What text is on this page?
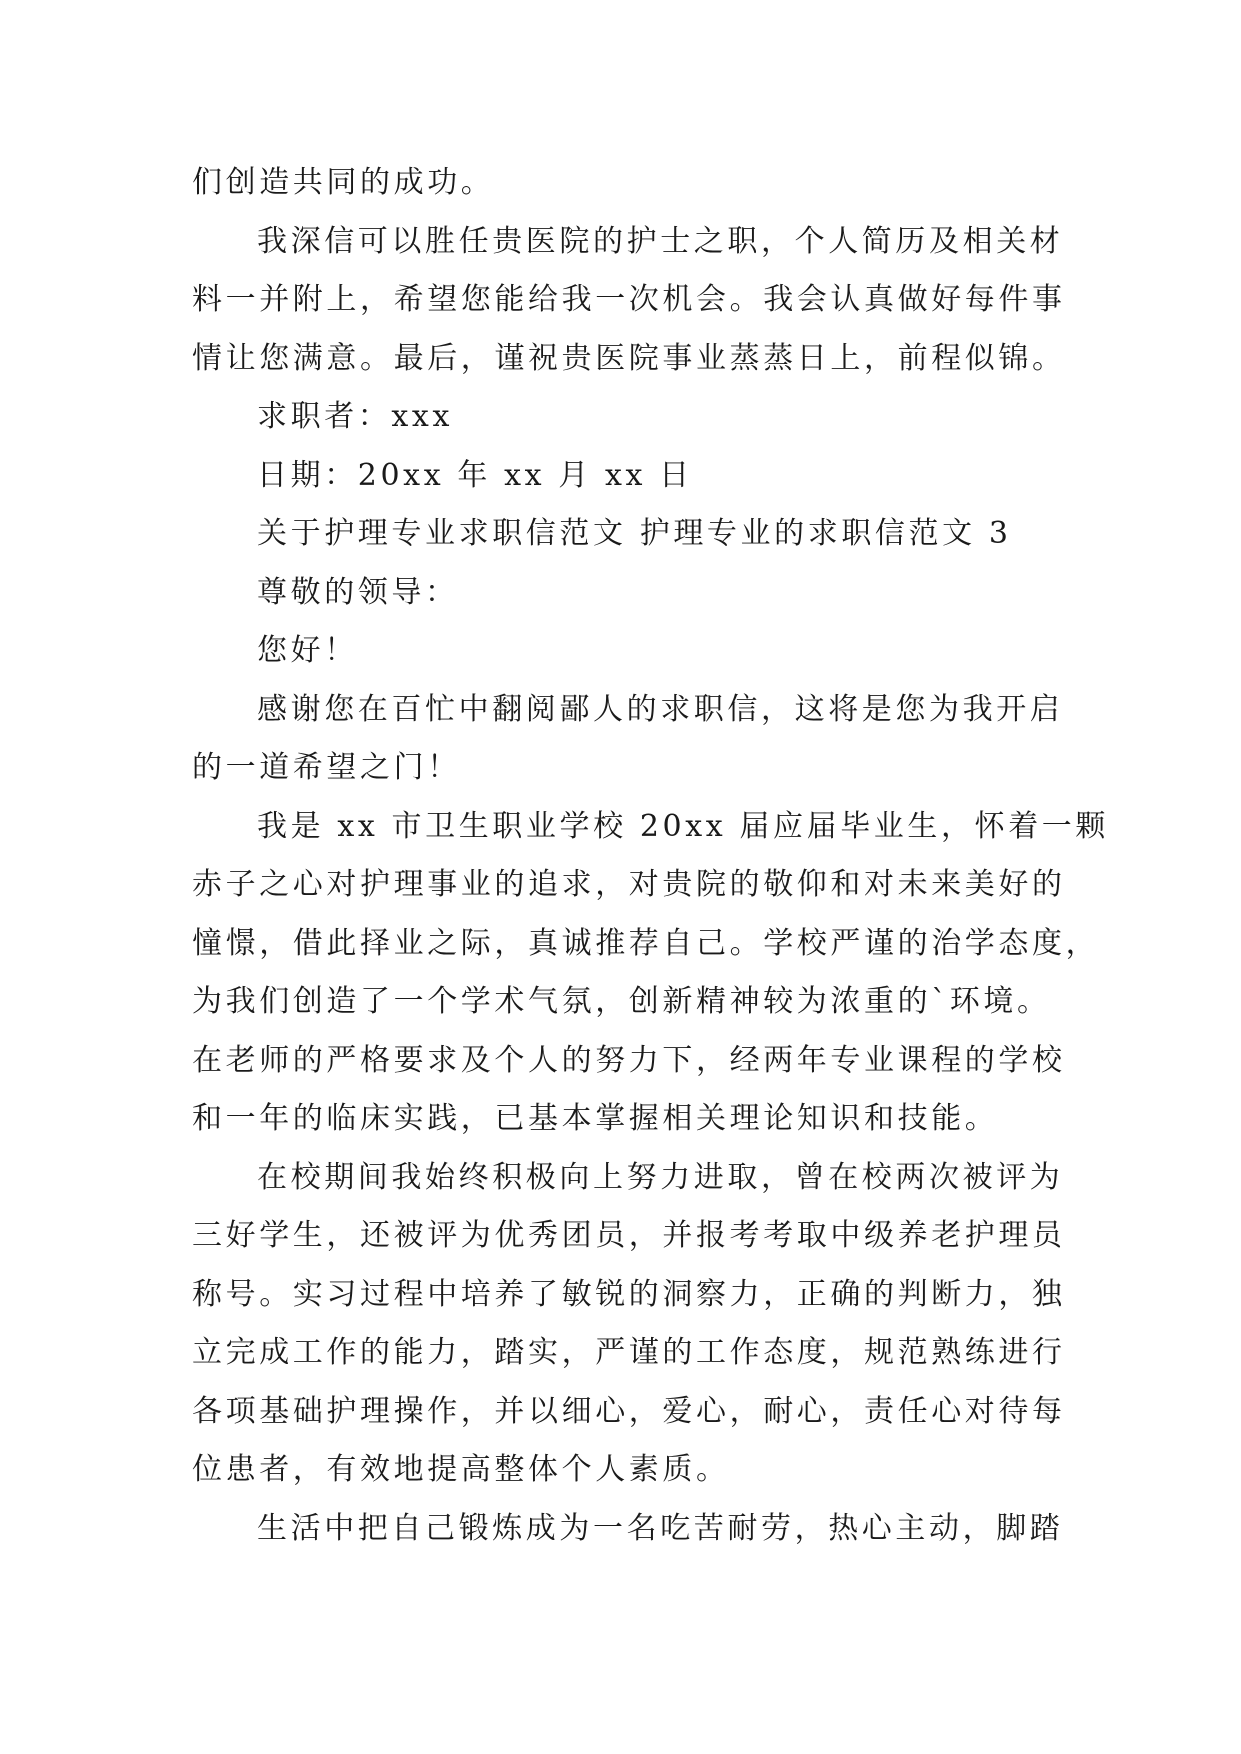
们创造共同的成功。
我深信可以胜任贵医院的护士之职，个人简历及相关材
料一并附上，希望您能给我一次机会。我会认真做好每件事
情让您满意。最后，谨祝贵医院事业蒸蒸日上，前程似锦。
求职者：xxx
日期：20xx 年 xx 月 xx 日
关于护理专业求职信范文 护理专业的求职信范文 3
尊敬的领导：
您好！
感谢您在百忙中翻阅鄙人的求职信，这将是您为我开启
的一道希望之门！
我是 xx 市卫生职业学校 20xx 届应届毕业生，怀着一颗
赤子之心对护理事业的追求，对贵院的敬仰和对未来美好的
憧憬，借此择业之际，真诚推荐自己。学校严谨的治学态度，
为我们创造了一个学术气氛，创新精神较为浓重的`环境。
在老师的严格要求及个人的努力下，经两年专业课程的学校
和一年的临床实践，已基本掌握相关理论知识和技能。
在校期间我始终积极向上努力进取，曾在校两次被评为
三好学生，还被评为优秀团员，并报考考取中级养老护理员
称号。实习过程中培养了敏锐的洞察力，正确的判断力，独
立完成工作的能力，踏实，严谨的工作态度，规范熟练进行
各项基础护理操作，并以细心，爱心，耐心，责任心对待每
位患者，有效地提高整体个人素质。
生活中把自己锻炼成为一名吃苦耐劳，热心主动，脚踏
